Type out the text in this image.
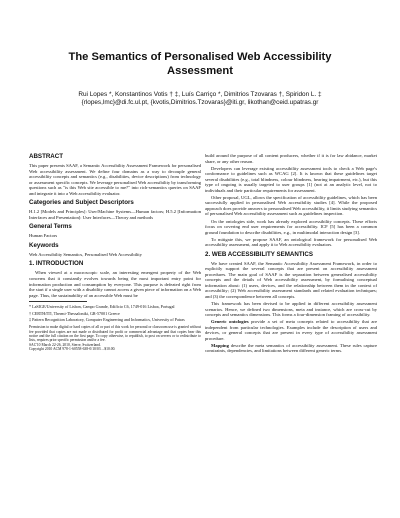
The Semantics of Personalised Web Accessibility
Assessment
Rui Lopes *, Konstantinos Votis † ‡, Luís Carriço *, Dimitrios Tzovaras †, Spiridon L. ‡
{rlopes,lmc}@di.fc.ul.pt, {kvotis,Dimitrios.Tzovaras}@iti.gr, likothan@ceid.upatras.gr
ABSTRACT

This paper presents SAAF, a Semantic Accessibility Assessment Framework for personalised Web accessibility assessment. We define four domains as a way to decouple general accessibility concepts and semantics (e.g., disabilities, device descriptions) from technology or assessment specific concepts. We leverage personalised Web accessibility by transforming questions such as "is this Web site accessible to me?" into rich-semantics queries on SAAF and integrate it into a Web accessibility evaluator.

Categories and Subject Descriptors

H.1.2 [Models and Principles]: User/Machine Systems—Human factors; H.5.2 [Information Interfaces and Presentation]: User Interfaces—Theory and methods

General Terms

Human Factors

Keywords

Web Accessibility Semantics, Personalised Web Accessibility

1. INTRODUCTION

When viewed at a macroscopic scale, an interesting emergent property of the Web concerns that it constantly evolves towards being the most important entry point for information production and consumption by everyone. This purpose is defeated right from the start if a single user with a disability cannot access a given piece of information on a Web page. Thus, the sustainability of an accessible Web must be

* LaSIGE/University of Lisbon, Campo Grande, Edifício C6, 1749-016 Lisboa, Portugal

† CERTH/ITI, Thermi-Thessaloniki, GR-57001 Greece

‡ Pattern Recognition Laboratory, Computer Engineering and Informatics, University of Patras

Permission to make digital or hard copies of all or part of this work for personal or classroom use is granted without fee provided that copies are not made or distributed for profit or commercial advantage and that copies bear this notice and the full citation on the first page. To copy otherwise, to republish, to post on servers or to redistribute to lists, requires prior specific permission and/or a fee.
SAC'10 March 22-26, 2010, Sierre, Switzerland.
Copyright 2010 ACM 978-1-60558-638-0/10/03 ...$10.00.

build around the purpose of all content producers, whether if it is for law abidance, market share, or any other reason.

Developers can leverage existing accessibility assessment tools to check a Web page's conformance to guidelines such as WCAG [2]. It is known that these guidelines target several disabilities (e.g., total blindness, colour blindness, hearing impairment, etc.), but this type of ongoing is usually targeted to user groups [1] (not at an analytic level, not to individuals and their particular requirements for assessment.

Other proposal, UGL, allows the specification of accessibility guidelines, which has been successfully applied in personalised Web accessibility studies [4]. While the proposed approach does provide answers to personalised Web accessibility, it limits studying semantics of personalised Web accessibility assessment such as guidelines inspection.

On the ontologies side, work has already explored accessibility concepts. These efforts focus on covering end user requirements for accessibility. ICF [5] has been a common ground foundation to describe disabilities, e.g., in multimodal interaction design [3].

To mitigate this, we propose SAAF, an ontological framework for personalised Web accessibility assessment, and apply it to Web accessibility evaluators.

2. WEB ACCESSIBILITY SEMANTICS

We have created SAAF, the Semantic Accessibility Assessment Framework, in order to explicitly support the several concepts that are present on accessibility assessment procedures. The main goal of SAAF is the separation between generalised accessibility concepts and the details of Web accessibility assessment, by formalising conceptual information about: (1) users, devices, and the relationship between them in the context of accessibility; (2) Web accessibility assessment standards and related evaluation techniques; and (3) the correspondence between all concepts.

This framework has been devised to be applied in different accessibility assessment scenarios. Hence, we defined two dimensions, meta and instance, which are cross-cut by concepts and semantics dimensions. This forms a four-dimension framing of accessibility.

Generic ontologies provide a set of meta concepts related to accessibility that are independent from particular technologies. Examples include the description of users and devices, or general concepts that are present in every type of accessibility assessment procedure.

Mapping describe the meta semantics of accessibility assessment. These rules capture constraints, dependencies, and limitations between different generic terms.
